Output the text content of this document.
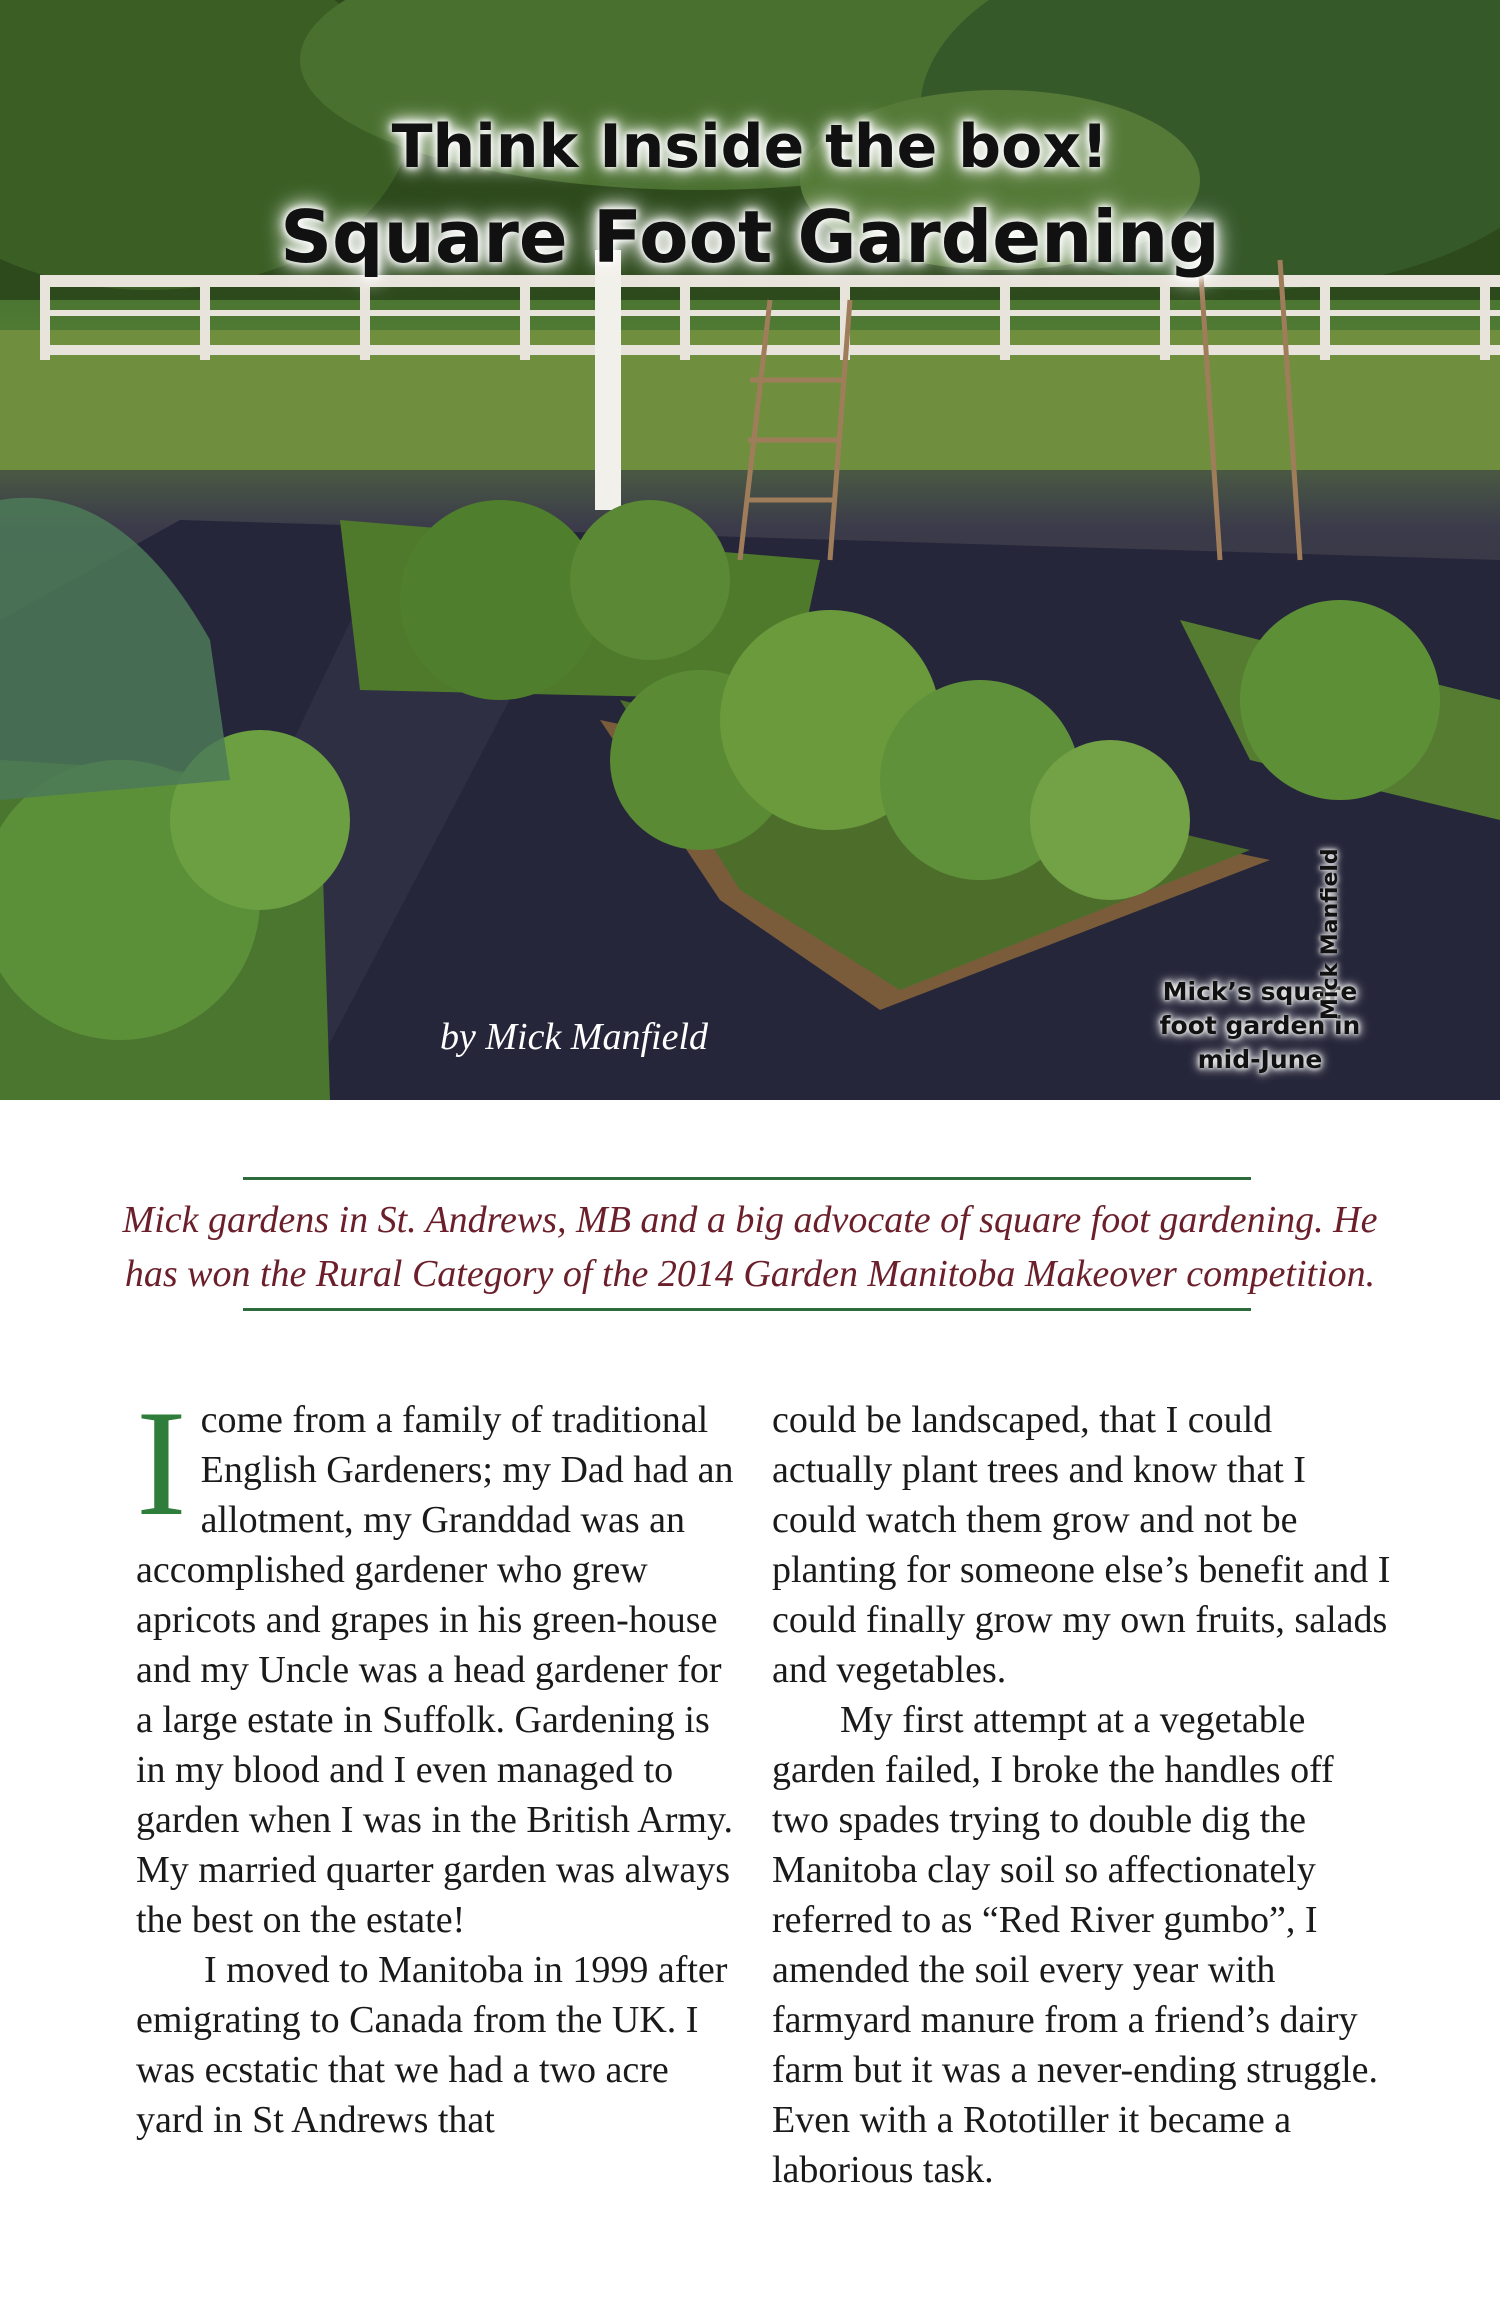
Think Inside the box!
Square Foot Gardening
by Mick Manfield
Mick’s square foot garden in mid-June
Mick Manfield
Mick gardens in St. Andrews, MB and a big advocate of square foot gardening. He has won the Rural Category of the 2014 Garden Manitoba Makeover competition.

Icome from a family of traditional English Gardeners; my Dad had an allotment, my Granddad was an accomplished gardener who grew apricots and grapes in his green-house and my Uncle was a head gardener for a large estate in Suffolk. Gardening is in my blood and I even managed to garden when I was in the British Army. My married quarter garden was always the best on the estate!

I moved to Manitoba in 1999 after emigrating to Canada from the UK. I was ecstatic that we had a two acre yard in St Andrews that

could be landscaped, that I could actually plant trees and know that I could watch them grow and not be planting for someone else’s benefit and I could finally grow my own fruits, salads and vegetables.

My first attempt at a vegetable garden failed, I broke the handles off two spades trying to double dig the Manitoba clay soil so affectionately referred to as “Red River gumbo”, I amended the soil every year with farmyard manure from a friend’s dairy farm but it was a never-ending struggle. Even with a Rototiller it became a laborious task.
